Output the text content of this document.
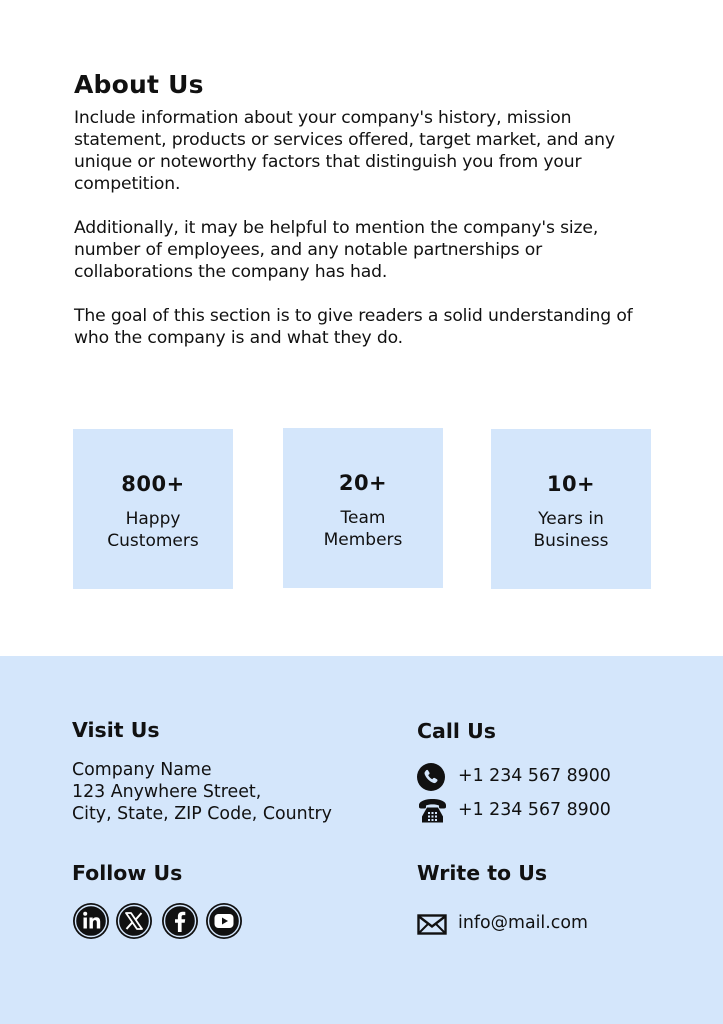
About Us

Include information about your company's history, mission statement, products or services offered, target market, and any unique or noteworthy factors that distinguish you from your competition.

Additionally, it may be helpful to mention the company's size, number of employees, and any notable partnerships or collaborations the company has had.

The goal of this section is to give readers a solid understanding of who the company is and what they do.

800+
Happy Customers
20+
Team Members
10+
Years in Business
Visit Us
Company Name
123 Anywhere Street,
City, State, ZIP Code, Country
Call Us
+1 234 567 8900
+1 234 567 8900
Follow Us	Write to Us
info@mail.com
